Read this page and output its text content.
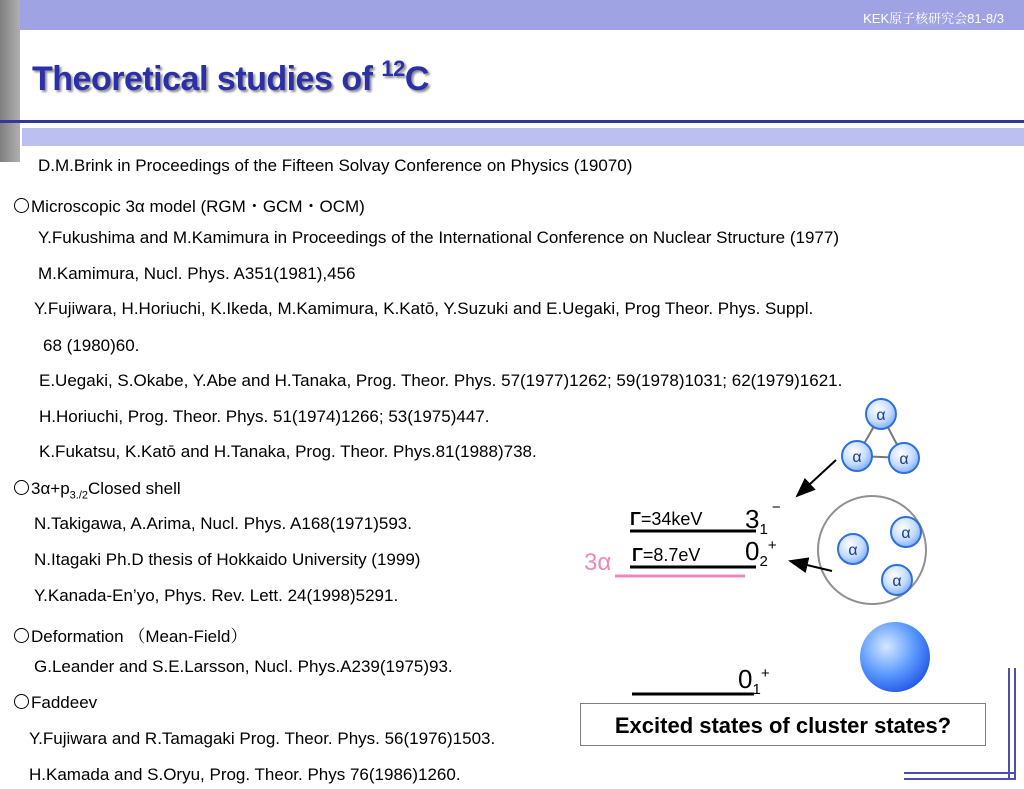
KEK原子核研究会81-8/3
Theoretical studies of $^{12}$C
D.M.Brink in Proceedings of the Fifteen Solvay Conference on Physics (19070)
Microscopic 3α model (RGM・GCM・OCM)
Y.Fukushima and M.Kamimura in Proceedings of the International Conference on Nuclear Structure (1977)
M.Kamimura, Nucl. Phys. A351(1981),456
Y.Fujiwara, H.Horiuchi, K.Ikeda, M.Kamimura, K.Katō, Y.Suzuki and E.Uegaki, Prog Theor. Phys. Suppl.
68 (1980)60.
E.Uegaki, S.Okabe, Y.Abe and H.Tanaka, Prog. Theor. Phys. 57(1977)1262; 59(1978)1031; 62(1979)1621.
H.Horiuchi, Prog. Theor. Phys. 51(1974)1266; 53(1975)447.
K.Fukatsu, K.Katō and H.Tanaka, Prog. Theor. Phys.81(1988)738.
$3\alpha+p_{3./2}Closed$ shell
N.Takigawa, A.Arima, Nucl. Phys. A168(1971)593.
N.Itagaki Ph.D thesis of Hokkaido University (1999)
Y.Kanada-En’yo, Phys. Rev. Lett. 24(1998)5291.
Deformation （Mean-Field）
G.Leander and S.E.Larsson, Nucl. Phys.A239(1975)93.
Faddeev
Y.Fujiwara and R.Tamagaki Prog. Theor. Phys. 56(1976)1503.
H.Kamada and S.Oryu, Prog. Theor. Phys 76(1986)1260.
α
α α
α
α
α
Γ=34keV
Γ=8.7eV
3α
$3_1^-$
$0_2^+$
$0_1^+$
Excited states of cluster states?
